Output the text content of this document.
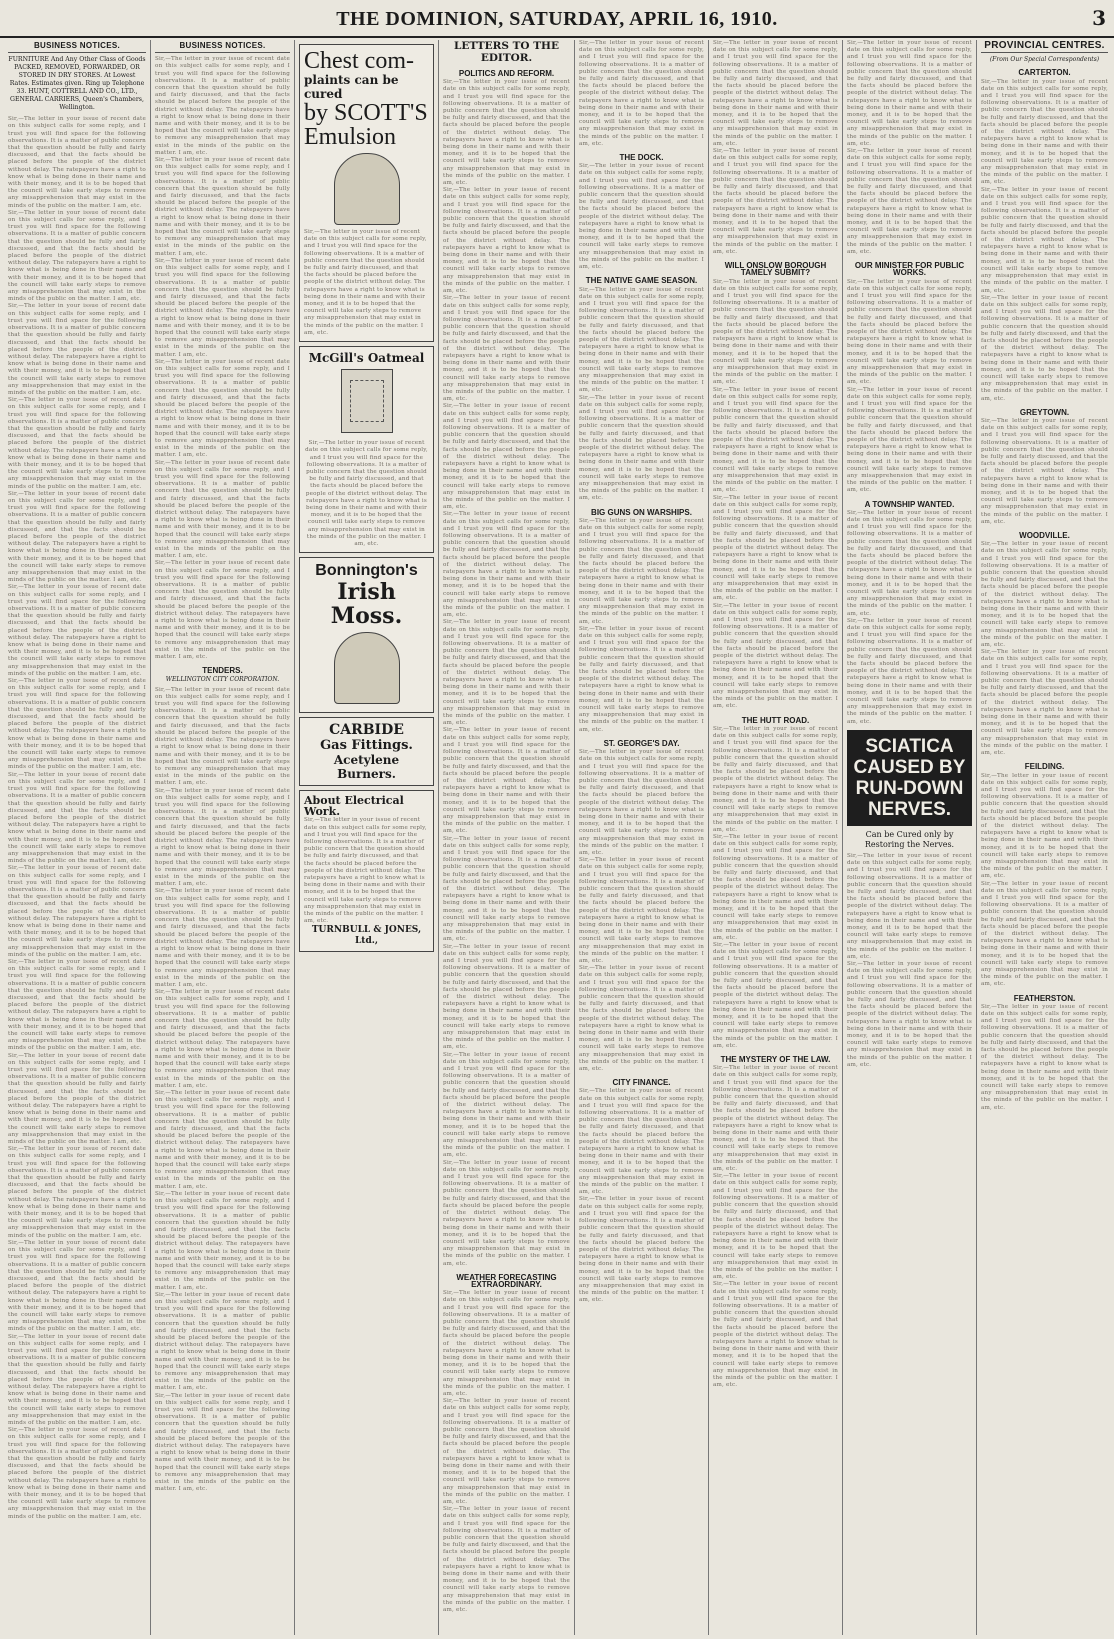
THE DOMINION, SATURDAY, APRIL 16, 1910.	3
BUSINESS NOTICES.
FURNITURE And Any Other Class of Goods PACKED, REMOVED, FORWARDED, OR STORED IN DRY STORES. At Lowest Rates. Estimates given. Ring up Telephone 33. HUNT, COTTRELL AND CO., LTD., GENERAL CARRIERS, Queen's Chambers, Wellington.
Sir,—The letter in your issue of recent date on this subject calls for some reply, and I trust you will find space for the following observations. It is a matter of public concern that the question should be fully and fairly discussed, and that the facts should be placed before the people of the district without delay. The ratepayers have a right to know what is being done in their name and with their money, and it is to be hoped that the council will take early steps to remove any misapprehension that may exist in the minds of the public on the matter. I am, etc.
Sir,—The letter in your issue of recent date on this subject calls for some reply, and I trust you will find space for the following observations. It is a matter of public concern that the question should be fully and fairly discussed, and that the facts should be placed before the people of the district without delay. The ratepayers have a right to know what is being done in their name and with their money, and it is to be hoped that the council will take early steps to remove any misapprehension that may exist in the minds of the public on the matter. I am, etc.
Sir,—The letter in your issue of recent date on this subject calls for some reply, and I trust you will find space for the following observations. It is a matter of public concern that the question should be fully and fairly discussed, and that the facts should be placed before the people of the district without delay. The ratepayers have a right to know what is being done in their name and with their money, and it is to be hoped that the council will take early steps to remove any misapprehension that may exist in the minds of the public on the matter. I am, etc.
Sir,—The letter in your issue of recent date on this subject calls for some reply, and I trust you will find space for the following observations. It is a matter of public concern that the question should be fully and fairly discussed, and that the facts should be placed before the people of the district without delay. The ratepayers have a right to know what is being done in their name and with their money, and it is to be hoped that the council will take early steps to remove any misapprehension that may exist in the minds of the public on the matter. I am, etc.
Sir,—The letter in your issue of recent date on this subject calls for some reply, and I trust you will find space for the following observations. It is a matter of public concern that the question should be fully and fairly discussed, and that the facts should be placed before the people of the district without delay. The ratepayers have a right to know what is being done in their name and with their money, and it is to be hoped that the council will take early steps to remove any misapprehension that may exist in the minds of the public on the matter. I am, etc.
Sir,—The letter in your issue of recent date on this subject calls for some reply, and I trust you will find space for the following observations. It is a matter of public concern that the question should be fully and fairly discussed, and that the facts should be placed before the people of the district without delay. The ratepayers have a right to know what is being done in their name and with their money, and it is to be hoped that the council will take early steps to remove any misapprehension that may exist in the minds of the public on the matter. I am, etc.
Sir,—The letter in your issue of recent date on this subject calls for some reply, and I trust you will find space for the following observations. It is a matter of public concern that the question should be fully and fairly discussed, and that the facts should be placed before the people of the district without delay. The ratepayers have a right to know what is being done in their name and with their money, and it is to be hoped that the council will take early steps to remove any misapprehension that may exist in the minds of the public on the matter. I am, etc.
Sir,—The letter in your issue of recent date on this subject calls for some reply, and I trust you will find space for the following observations. It is a matter of public concern that the question should be fully and fairly discussed, and that the facts should be placed before the people of the district without delay. The ratepayers have a right to know what is being done in their name and with their money, and it is to be hoped that the council will take early steps to remove any misapprehension that may exist in the minds of the public on the matter. I am, etc.
Sir,—The letter in your issue of recent date on this subject calls for some reply, and I trust you will find space for the following observations. It is a matter of public concern that the question should be fully and fairly discussed, and that the facts should be placed before the people of the district without delay. The ratepayers have a right to know what is being done in their name and with their money, and it is to be hoped that the council will take early steps to remove any misapprehension that may exist in the minds of the public on the matter. I am, etc.
Sir,—The letter in your issue of recent date on this subject calls for some reply, and I trust you will find space for the following observations. It is a matter of public concern that the question should be fully and fairly discussed, and that the facts should be placed before the people of the district without delay. The ratepayers have a right to know what is being done in their name and with their money, and it is to be hoped that the council will take early steps to remove any misapprehension that may exist in the minds of the public on the matter. I am, etc.
Sir,—The letter in your issue of recent date on this subject calls for some reply, and I trust you will find space for the following observations. It is a matter of public concern that the question should be fully and fairly discussed, and that the facts should be placed before the people of the district without delay. The ratepayers have a right to know what is being done in their name and with their money, and it is to be hoped that the council will take early steps to remove any misapprehension that may exist in the minds of the public on the matter. I am, etc.
Sir,—The letter in your issue of recent date on this subject calls for some reply, and I trust you will find space for the following observations. It is a matter of public concern that the question should be fully and fairly discussed, and that the facts should be placed before the people of the district without delay. The ratepayers have a right to know what is being done in their name and with their money, and it is to be hoped that the council will take early steps to remove any misapprehension that may exist in the minds of the public on the matter. I am, etc.
Sir,—The letter in your issue of recent date on this subject calls for some reply, and I trust you will find space for the following observations. It is a matter of public concern that the question should be fully and fairly discussed, and that the facts should be placed before the people of the district without delay. The ratepayers have a right to know what is being done in their name and with their money, and it is to be hoped that the council will take early steps to remove any misapprehension that may exist in the minds of the public on the matter. I am, etc.
Sir,—The letter in your issue of recent date on this subject calls for some reply, and I trust you will find space for the following observations. It is a matter of public concern that the question should be fully and fairly discussed, and that the facts should be placed before the people of the district without delay. The ratepayers have a right to know what is being done in their name and with their money, and it is to be hoped that the council will take early steps to remove any misapprehension that may exist in the minds of the public on the matter. I am, etc.
Sir,—The letter in your issue of recent date on this subject calls for some reply, and I trust you will find space for the following observations. It is a matter of public concern that the question should be fully and fairly discussed, and that the facts should be placed before the people of the district without delay. The ratepayers have a right to know what is being done in their name and with their money, and it is to be hoped that the council will take early steps to remove any misapprehension that may exist in the minds of the public on the matter. I am, etc.
BUSINESS NOTICES.
Sir,—The letter in your issue of recent date on this subject calls for some reply, and I trust you will find space for the following observations. It is a matter of public concern that the question should be fully and fairly discussed, and that the facts should be placed before the people of the district without delay. The ratepayers have a right to know what is being done in their name and with their money, and it is to be hoped that the council will take early steps to remove any misapprehension that may exist in the minds of the public on the matter. I am, etc.
Sir,—The letter in your issue of recent date on this subject calls for some reply, and I trust you will find space for the following observations. It is a matter of public concern that the question should be fully and fairly discussed, and that the facts should be placed before the people of the district without delay. The ratepayers have a right to know what is being done in their name and with their money, and it is to be hoped that the council will take early steps to remove any misapprehension that may exist in the minds of the public on the matter. I am, etc.
Sir,—The letter in your issue of recent date on this subject calls for some reply, and I trust you will find space for the following observations. It is a matter of public concern that the question should be fully and fairly discussed, and that the facts should be placed before the people of the district without delay. The ratepayers have a right to know what is being done in their name and with their money, and it is to be hoped that the council will take early steps to remove any misapprehension that may exist in the minds of the public on the matter. I am, etc.
Sir,—The letter in your issue of recent date on this subject calls for some reply, and I trust you will find space for the following observations. It is a matter of public concern that the question should be fully and fairly discussed, and that the facts should be placed before the people of the district without delay. The ratepayers have a right to know what is being done in their name and with their money, and it is to be hoped that the council will take early steps to remove any misapprehension that may exist in the minds of the public on the matter. I am, etc.
Sir,—The letter in your issue of recent date on this subject calls for some reply, and I trust you will find space for the following observations. It is a matter of public concern that the question should be fully and fairly discussed, and that the facts should be placed before the people of the district without delay. The ratepayers have a right to know what is being done in their name and with their money, and it is to be hoped that the council will take early steps to remove any misapprehension that may exist in the minds of the public on the matter. I am, etc.
Sir,—The letter in your issue of recent date on this subject calls for some reply, and I trust you will find space for the following observations. It is a matter of public concern that the question should be fully and fairly discussed, and that the facts should be placed before the people of the district without delay. The ratepayers have a right to know what is being done in their name and with their money, and it is to be hoped that the council will take early steps to remove any misapprehension that may exist in the minds of the public on the matter. I am, etc.
TENDERS.
WELLINGTON CITY CORPORATION.
Sir,—The letter in your issue of recent date on this subject calls for some reply, and I trust you will find space for the following observations. It is a matter of public concern that the question should be fully and fairly discussed, and that the facts should be placed before the people of the district without delay. The ratepayers have a right to know what is being done in their name and with their money, and it is to be hoped that the council will take early steps to remove any misapprehension that may exist in the minds of the public on the matter. I am, etc.
Sir,—The letter in your issue of recent date on this subject calls for some reply, and I trust you will find space for the following observations. It is a matter of public concern that the question should be fully and fairly discussed, and that the facts should be placed before the people of the district without delay. The ratepayers have a right to know what is being done in their name and with their money, and it is to be hoped that the council will take early steps to remove any misapprehension that may exist in the minds of the public on the matter. I am, etc.
Sir,—The letter in your issue of recent date on this subject calls for some reply, and I trust you will find space for the following observations. It is a matter of public concern that the question should be fully and fairly discussed, and that the facts should be placed before the people of the district without delay. The ratepayers have a right to know what is being done in their name and with their money, and it is to be hoped that the council will take early steps to remove any misapprehension that may exist in the minds of the public on the matter. I am, etc.
Sir,—The letter in your issue of recent date on this subject calls for some reply, and I trust you will find space for the following observations. It is a matter of public concern that the question should be fully and fairly discussed, and that the facts should be placed before the people of the district without delay. The ratepayers have a right to know what is being done in their name and with their money, and it is to be hoped that the council will take early steps to remove any misapprehension that may exist in the minds of the public on the matter. I am, etc.
Sir,—The letter in your issue of recent date on this subject calls for some reply, and I trust you will find space for the following observations. It is a matter of public concern that the question should be fully and fairly discussed, and that the facts should be placed before the people of the district without delay. The ratepayers have a right to know what is being done in their name and with their money, and it is to be hoped that the council will take early steps to remove any misapprehension that may exist in the minds of the public on the matter. I am, etc.
Sir,—The letter in your issue of recent date on this subject calls for some reply, and I trust you will find space for the following observations. It is a matter of public concern that the question should be fully and fairly discussed, and that the facts should be placed before the people of the district without delay. The ratepayers have a right to know what is being done in their name and with their money, and it is to be hoped that the council will take early steps to remove any misapprehension that may exist in the minds of the public on the matter. I am, etc.
Sir,—The letter in your issue of recent date on this subject calls for some reply, and I trust you will find space for the following observations. It is a matter of public concern that the question should be fully and fairly discussed, and that the facts should be placed before the people of the district without delay. The ratepayers have a right to know what is being done in their name and with their money, and it is to be hoped that the council will take early steps to remove any misapprehension that may exist in the minds of the public on the matter. I am, etc.
Sir,—The letter in your issue of recent date on this subject calls for some reply, and I trust you will find space for the following observations. It is a matter of public concern that the question should be fully and fairly discussed, and that the facts should be placed before the people of the district without delay. The ratepayers have a right to know what is being done in their name and with their money, and it is to be hoped that the council will take early steps to remove any misapprehension that may exist in the minds of the public on the matter. I am, etc.
Chest com-
plaints can be cured
by SCOTT'S
Emulsion
Sir,—The letter in your issue of recent date on this subject calls for some reply, and I trust you will find space for the following observations. It is a matter of public concern that the question should be fully and fairly discussed, and that the facts should be placed before the people of the district without delay. The ratepayers have a right to know what is being done in their name and with their money, and it is to be hoped that the council will take early steps to remove any misapprehension that may exist in the minds of the public on the matter. I am, etc.
McGill's Oatmeal
Sir,—The letter in your issue of recent date on this subject calls for some reply, and I trust you will find space for the following observations. It is a matter of public concern that the question should be fully and fairly discussed, and that the facts should be placed before the people of the district without delay. The ratepayers have a right to know what is being done in their name and with their money, and it is to be hoped that the council will take early steps to remove any misapprehension that may exist in the minds of the public on the matter. I am, etc.
Bonnington's
Irish Moss.
CARBIDE
Gas Fittings.
Acetylene Burners.
About Electrical Work.
Sir,—The letter in your issue of recent date on this subject calls for some reply, and I trust you will find space for the following observations. It is a matter of public concern that the question should be fully and fairly discussed, and that the facts should be placed before the people of the district without delay. The ratepayers have a right to know what is being done in their name and with their money, and it is to be hoped that the council will take early steps to remove any misapprehension that may exist in the minds of the public on the matter. I am, etc.
TURNBULL & JONES, Ltd.,
LETTERS TO THE EDITOR.
POLITICS AND REFORM.
Sir,—The letter in your issue of recent date on this subject calls for some reply, and I trust you will find space for the following observations. It is a matter of public concern that the question should be fully and fairly discussed, and that the facts should be placed before the people of the district without delay. The ratepayers have a right to know what is being done in their name and with their money, and it is to be hoped that the council will take early steps to remove any misapprehension that may exist in the minds of the public on the matter. I am, etc.
Sir,—The letter in your issue of recent date on this subject calls for some reply, and I trust you will find space for the following observations. It is a matter of public concern that the question should be fully and fairly discussed, and that the facts should be placed before the people of the district without delay. The ratepayers have a right to know what is being done in their name and with their money, and it is to be hoped that the council will take early steps to remove any misapprehension that may exist in the minds of the public on the matter. I am, etc.
Sir,—The letter in your issue of recent date on this subject calls for some reply, and I trust you will find space for the following observations. It is a matter of public concern that the question should be fully and fairly discussed, and that the facts should be placed before the people of the district without delay. The ratepayers have a right to know what is being done in their name and with their money, and it is to be hoped that the council will take early steps to remove any misapprehension that may exist in the minds of the public on the matter. I am, etc.
Sir,—The letter in your issue of recent date on this subject calls for some reply, and I trust you will find space for the following observations. It is a matter of public concern that the question should be fully and fairly discussed, and that the facts should be placed before the people of the district without delay. The ratepayers have a right to know what is being done in their name and with their money, and it is to be hoped that the council will take early steps to remove any misapprehension that may exist in the minds of the public on the matter. I am, etc.
Sir,—The letter in your issue of recent date on this subject calls for some reply, and I trust you will find space for the following observations. It is a matter of public concern that the question should be fully and fairly discussed, and that the facts should be placed before the people of the district without delay. The ratepayers have a right to know what is being done in their name and with their money, and it is to be hoped that the council will take early steps to remove any misapprehension that may exist in the minds of the public on the matter. I am, etc.
Sir,—The letter in your issue of recent date on this subject calls for some reply, and I trust you will find space for the following observations. It is a matter of public concern that the question should be fully and fairly discussed, and that the facts should be placed before the people of the district without delay. The ratepayers have a right to know what is being done in their name and with their money, and it is to be hoped that the council will take early steps to remove any misapprehension that may exist in the minds of the public on the matter. I am, etc.
Sir,—The letter in your issue of recent date on this subject calls for some reply, and I trust you will find space for the following observations. It is a matter of public concern that the question should be fully and fairly discussed, and that the facts should be placed before the people of the district without delay. The ratepayers have a right to know what is being done in their name and with their money, and it is to be hoped that the council will take early steps to remove any misapprehension that may exist in the minds of the public on the matter. I am, etc.
Sir,—The letter in your issue of recent date on this subject calls for some reply, and I trust you will find space for the following observations. It is a matter of public concern that the question should be fully and fairly discussed, and that the facts should be placed before the people of the district without delay. The ratepayers have a right to know what is being done in their name and with their money, and it is to be hoped that the council will take early steps to remove any misapprehension that may exist in the minds of the public on the matter. I am, etc.
Sir,—The letter in your issue of recent date on this subject calls for some reply, and I trust you will find space for the following observations. It is a matter of public concern that the question should be fully and fairly discussed, and that the facts should be placed before the people of the district without delay. The ratepayers have a right to know what is being done in their name and with their money, and it is to be hoped that the council will take early steps to remove any misapprehension that may exist in the minds of the public on the matter. I am, etc.
Sir,—The letter in your issue of recent date on this subject calls for some reply, and I trust you will find space for the following observations. It is a matter of public concern that the question should be fully and fairly discussed, and that the facts should be placed before the people of the district without delay. The ratepayers have a right to know what is being done in their name and with their money, and it is to be hoped that the council will take early steps to remove any misapprehension that may exist in the minds of the public on the matter. I am, etc.
Sir,—The letter in your issue of recent date on this subject calls for some reply, and I trust you will find space for the following observations. It is a matter of public concern that the question should be fully and fairly discussed, and that the facts should be placed before the people of the district without delay. The ratepayers have a right to know what is being done in their name and with their money, and it is to be hoped that the council will take early steps to remove any misapprehension that may exist in the minds of the public on the matter. I am, etc.
WEATHER FORECASTING EXTRAORDINARY.
Sir,—The letter in your issue of recent date on this subject calls for some reply, and I trust you will find space for the following observations. It is a matter of public concern that the question should be fully and fairly discussed, and that the facts should be placed before the people of the district without delay. The ratepayers have a right to know what is being done in their name and with their money, and it is to be hoped that the council will take early steps to remove any misapprehension that may exist in the minds of the public on the matter. I am, etc.
Sir,—The letter in your issue of recent date on this subject calls for some reply, and I trust you will find space for the following observations. It is a matter of public concern that the question should be fully and fairly discussed, and that the facts should be placed before the people of the district without delay. The ratepayers have a right to know what is being done in their name and with their money, and it is to be hoped that the council will take early steps to remove any misapprehension that may exist in the minds of the public on the matter. I am, etc.
Sir,—The letter in your issue of recent date on this subject calls for some reply, and I trust you will find space for the following observations. It is a matter of public concern that the question should be fully and fairly discussed, and that the facts should be placed before the people of the district without delay. The ratepayers have a right to know what is being done in their name and with their money, and it is to be hoped that the council will take early steps to remove any misapprehension that may exist in the minds of the public on the matter. I am, etc.
Sir,—The letter in your issue of recent date on this subject calls for some reply, and I trust you will find space for the following observations. It is a matter of public concern that the question should be fully and fairly discussed, and that the facts should be placed before the people of the district without delay. The ratepayers have a right to know what is being done in their name and with their money, and it is to be hoped that the council will take early steps to remove any misapprehension that may exist in the minds of the public on the matter. I am, etc.
THE DOCK.
Sir,—The letter in your issue of recent date on this subject calls for some reply, and I trust you will find space for the following observations. It is a matter of public concern that the question should be fully and fairly discussed, and that the facts should be placed before the people of the district without delay. The ratepayers have a right to know what is being done in their name and with their money, and it is to be hoped that the council will take early steps to remove any misapprehension that may exist in the minds of the public on the matter. I am, etc.
THE NATIVE GAME SEASON.
Sir,—The letter in your issue of recent date on this subject calls for some reply, and I trust you will find space for the following observations. It is a matter of public concern that the question should be fully and fairly discussed, and that the facts should be placed before the people of the district without delay. The ratepayers have a right to know what is being done in their name and with their money, and it is to be hoped that the council will take early steps to remove any misapprehension that may exist in the minds of the public on the matter. I am, etc.
Sir,—The letter in your issue of recent date on this subject calls for some reply, and I trust you will find space for the following observations. It is a matter of public concern that the question should be fully and fairly discussed, and that the facts should be placed before the people of the district without delay. The ratepayers have a right to know what is being done in their name and with their money, and it is to be hoped that the council will take early steps to remove any misapprehension that may exist in the minds of the public on the matter. I am, etc.
BIG GUNS ON WARSHIPS.
Sir,—The letter in your issue of recent date on this subject calls for some reply, and I trust you will find space for the following observations. It is a matter of public concern that the question should be fully and fairly discussed, and that the facts should be placed before the people of the district without delay. The ratepayers have a right to know what is being done in their name and with their money, and it is to be hoped that the council will take early steps to remove any misapprehension that may exist in the minds of the public on the matter. I am, etc.
Sir,—The letter in your issue of recent date on this subject calls for some reply, and I trust you will find space for the following observations. It is a matter of public concern that the question should be fully and fairly discussed, and that the facts should be placed before the people of the district without delay. The ratepayers have a right to know what is being done in their name and with their money, and it is to be hoped that the council will take early steps to remove any misapprehension that may exist in the minds of the public on the matter. I am, etc.
ST. GEORGE'S DAY.
Sir,—The letter in your issue of recent date on this subject calls for some reply, and I trust you will find space for the following observations. It is a matter of public concern that the question should be fully and fairly discussed, and that the facts should be placed before the people of the district without delay. The ratepayers have a right to know what is being done in their name and with their money, and it is to be hoped that the council will take early steps to remove any misapprehension that may exist in the minds of the public on the matter. I am, etc.
Sir,—The letter in your issue of recent date on this subject calls for some reply, and I trust you will find space for the following observations. It is a matter of public concern that the question should be fully and fairly discussed, and that the facts should be placed before the people of the district without delay. The ratepayers have a right to know what is being done in their name and with their money, and it is to be hoped that the council will take early steps to remove any misapprehension that may exist in the minds of the public on the matter. I am, etc.
Sir,—The letter in your issue of recent date on this subject calls for some reply, and I trust you will find space for the following observations. It is a matter of public concern that the question should be fully and fairly discussed, and that the facts should be placed before the people of the district without delay. The ratepayers have a right to know what is being done in their name and with their money, and it is to be hoped that the council will take early steps to remove any misapprehension that may exist in the minds of the public on the matter. I am, etc.
CITY FINANCE.
Sir,—The letter in your issue of recent date on this subject calls for some reply, and I trust you will find space for the following observations. It is a matter of public concern that the question should be fully and fairly discussed, and that the facts should be placed before the people of the district without delay. The ratepayers have a right to know what is being done in their name and with their money, and it is to be hoped that the council will take early steps to remove any misapprehension that may exist in the minds of the public on the matter. I am, etc.
Sir,—The letter in your issue of recent date on this subject calls for some reply, and I trust you will find space for the following observations. It is a matter of public concern that the question should be fully and fairly discussed, and that the facts should be placed before the people of the district without delay. The ratepayers have a right to know what is being done in their name and with their money, and it is to be hoped that the council will take early steps to remove any misapprehension that may exist in the minds of the public on the matter. I am, etc.
Sir,—The letter in your issue of recent date on this subject calls for some reply, and I trust you will find space for the following observations. It is a matter of public concern that the question should be fully and fairly discussed, and that the facts should be placed before the people of the district without delay. The ratepayers have a right to know what is being done in their name and with their money, and it is to be hoped that the council will take early steps to remove any misapprehension that may exist in the minds of the public on the matter. I am, etc.
Sir,—The letter in your issue of recent date on this subject calls for some reply, and I trust you will find space for the following observations. It is a matter of public concern that the question should be fully and fairly discussed, and that the facts should be placed before the people of the district without delay. The ratepayers have a right to know what is being done in their name and with their money, and it is to be hoped that the council will take early steps to remove any misapprehension that may exist in the minds of the public on the matter. I am, etc.
WILL ONSLOW BOROUGH TAMELY SUBMIT?
Sir,—The letter in your issue of recent date on this subject calls for some reply, and I trust you will find space for the following observations. It is a matter of public concern that the question should be fully and fairly discussed, and that the facts should be placed before the people of the district without delay. The ratepayers have a right to know what is being done in their name and with their money, and it is to be hoped that the council will take early steps to remove any misapprehension that may exist in the minds of the public on the matter. I am, etc.
Sir,—The letter in your issue of recent date on this subject calls for some reply, and I trust you will find space for the following observations. It is a matter of public concern that the question should be fully and fairly discussed, and that the facts should be placed before the people of the district without delay. The ratepayers have a right to know what is being done in their name and with their money, and it is to be hoped that the council will take early steps to remove any misapprehension that may exist in the minds of the public on the matter. I am, etc.
Sir,—The letter in your issue of recent date on this subject calls for some reply, and I trust you will find space for the following observations. It is a matter of public concern that the question should be fully and fairly discussed, and that the facts should be placed before the people of the district without delay. The ratepayers have a right to know what is being done in their name and with their money, and it is to be hoped that the council will take early steps to remove any misapprehension that may exist in the minds of the public on the matter. I am, etc.
Sir,—The letter in your issue of recent date on this subject calls for some reply, and I trust you will find space for the following observations. It is a matter of public concern that the question should be fully and fairly discussed, and that the facts should be placed before the people of the district without delay. The ratepayers have a right to know what is being done in their name and with their money, and it is to be hoped that the council will take early steps to remove any misapprehension that may exist in the minds of the public on the matter. I am, etc.
THE HUTT ROAD.
Sir,—The letter in your issue of recent date on this subject calls for some reply, and I trust you will find space for the following observations. It is a matter of public concern that the question should be fully and fairly discussed, and that the facts should be placed before the people of the district without delay. The ratepayers have a right to know what is being done in their name and with their money, and it is to be hoped that the council will take early steps to remove any misapprehension that may exist in the minds of the public on the matter. I am, etc.
Sir,—The letter in your issue of recent date on this subject calls for some reply, and I trust you will find space for the following observations. It is a matter of public concern that the question should be fully and fairly discussed, and that the facts should be placed before the people of the district without delay. The ratepayers have a right to know what is being done in their name and with their money, and it is to be hoped that the council will take early steps to remove any misapprehension that may exist in the minds of the public on the matter. I am, etc.
Sir,—The letter in your issue of recent date on this subject calls for some reply, and I trust you will find space for the following observations. It is a matter of public concern that the question should be fully and fairly discussed, and that the facts should be placed before the people of the district without delay. The ratepayers have a right to know what is being done in their name and with their money, and it is to be hoped that the council will take early steps to remove any misapprehension that may exist in the minds of the public on the matter. I am, etc.
THE MYSTERY OF THE LAW.
Sir,—The letter in your issue of recent date on this subject calls for some reply, and I trust you will find space for the following observations. It is a matter of public concern that the question should be fully and fairly discussed, and that the facts should be placed before the people of the district without delay. The ratepayers have a right to know what is being done in their name and with their money, and it is to be hoped that the council will take early steps to remove any misapprehension that may exist in the minds of the public on the matter. I am, etc.
Sir,—The letter in your issue of recent date on this subject calls for some reply, and I trust you will find space for the following observations. It is a matter of public concern that the question should be fully and fairly discussed, and that the facts should be placed before the people of the district without delay. The ratepayers have a right to know what is being done in their name and with their money, and it is to be hoped that the council will take early steps to remove any misapprehension that may exist in the minds of the public on the matter. I am, etc.
Sir,—The letter in your issue of recent date on this subject calls for some reply, and I trust you will find space for the following observations. It is a matter of public concern that the question should be fully and fairly discussed, and that the facts should be placed before the people of the district without delay. The ratepayers have a right to know what is being done in their name and with their money, and it is to be hoped that the council will take early steps to remove any misapprehension that may exist in the minds of the public on the matter. I am, etc.
Sir,—The letter in your issue of recent date on this subject calls for some reply, and I trust you will find space for the following observations. It is a matter of public concern that the question should be fully and fairly discussed, and that the facts should be placed before the people of the district without delay. The ratepayers have a right to know what is being done in their name and with their money, and it is to be hoped that the council will take early steps to remove any misapprehension that may exist in the minds of the public on the matter. I am, etc.
Sir,—The letter in your issue of recent date on this subject calls for some reply, and I trust you will find space for the following observations. It is a matter of public concern that the question should be fully and fairly discussed, and that the facts should be placed before the people of the district without delay. The ratepayers have a right to know what is being done in their name and with their money, and it is to be hoped that the council will take early steps to remove any misapprehension that may exist in the minds of the public on the matter. I am, etc.
OUR MINISTER FOR PUBLIC WORKS.
Sir,—The letter in your issue of recent date on this subject calls for some reply, and I trust you will find space for the following observations. It is a matter of public concern that the question should be fully and fairly discussed, and that the facts should be placed before the people of the district without delay. The ratepayers have a right to know what is being done in their name and with their money, and it is to be hoped that the council will take early steps to remove any misapprehension that may exist in the minds of the public on the matter. I am, etc.
Sir,—The letter in your issue of recent date on this subject calls for some reply, and I trust you will find space for the following observations. It is a matter of public concern that the question should be fully and fairly discussed, and that the facts should be placed before the people of the district without delay. The ratepayers have a right to know what is being done in their name and with their money, and it is to be hoped that the council will take early steps to remove any misapprehension that may exist in the minds of the public on the matter. I am, etc.
A TOWNSHIP WANTED.
Sir,—The letter in your issue of recent date on this subject calls for some reply, and I trust you will find space for the following observations. It is a matter of public concern that the question should be fully and fairly discussed, and that the facts should be placed before the people of the district without delay. The ratepayers have a right to know what is being done in their name and with their money, and it is to be hoped that the council will take early steps to remove any misapprehension that may exist in the minds of the public on the matter. I am, etc.
Sir,—The letter in your issue of recent date on this subject calls for some reply, and I trust you will find space for the following observations. It is a matter of public concern that the question should be fully and fairly discussed, and that the facts should be placed before the people of the district without delay. The ratepayers have a right to know what is being done in their name and with their money, and it is to be hoped that the council will take early steps to remove any misapprehension that may exist in the minds of the public on the matter. I am, etc.
SCIATICA CAUSED BY
RUN-DOWN NERVES.
Can be Cured only by Restoring the Nerves.
Sir,—The letter in your issue of recent date on this subject calls for some reply, and I trust you will find space for the following observations. It is a matter of public concern that the question should be fully and fairly discussed, and that the facts should be placed before the people of the district without delay. The ratepayers have a right to know what is being done in their name and with their money, and it is to be hoped that the council will take early steps to remove any misapprehension that may exist in the minds of the public on the matter. I am, etc.
Sir,—The letter in your issue of recent date on this subject calls for some reply, and I trust you will find space for the following observations. It is a matter of public concern that the question should be fully and fairly discussed, and that the facts should be placed before the people of the district without delay. The ratepayers have a right to know what is being done in their name and with their money, and it is to be hoped that the council will take early steps to remove any misapprehension that may exist in the minds of the public on the matter. I am, etc.
PROVINCIAL CENTRES.
(From Our Special Correspondents)
CARTERTON.
Sir,—The letter in your issue of recent date on this subject calls for some reply, and I trust you will find space for the following observations. It is a matter of public concern that the question should be fully and fairly discussed, and that the facts should be placed before the people of the district without delay. The ratepayers have a right to know what is being done in their name and with their money, and it is to be hoped that the council will take early steps to remove any misapprehension that may exist in the minds of the public on the matter. I am, etc.
Sir,—The letter in your issue of recent date on this subject calls for some reply, and I trust you will find space for the following observations. It is a matter of public concern that the question should be fully and fairly discussed, and that the facts should be placed before the people of the district without delay. The ratepayers have a right to know what is being done in their name and with their money, and it is to be hoped that the council will take early steps to remove any misapprehension that may exist in the minds of the public on the matter. I am, etc.
Sir,—The letter in your issue of recent date on this subject calls for some reply, and I trust you will find space for the following observations. It is a matter of public concern that the question should be fully and fairly discussed, and that the facts should be placed before the people of the district without delay. The ratepayers have a right to know what is being done in their name and with their money, and it is to be hoped that the council will take early steps to remove any misapprehension that may exist in the minds of the public on the matter. I am, etc.
GREYTOWN.
Sir,—The letter in your issue of recent date on this subject calls for some reply, and I trust you will find space for the following observations. It is a matter of public concern that the question should be fully and fairly discussed, and that the facts should be placed before the people of the district without delay. The ratepayers have a right to know what is being done in their name and with their money, and it is to be hoped that the council will take early steps to remove any misapprehension that may exist in the minds of the public on the matter. I am, etc.
WOODVILLE.
Sir,—The letter in your issue of recent date on this subject calls for some reply, and I trust you will find space for the following observations. It is a matter of public concern that the question should be fully and fairly discussed, and that the facts should be placed before the people of the district without delay. The ratepayers have a right to know what is being done in their name and with their money, and it is to be hoped that the council will take early steps to remove any misapprehension that may exist in the minds of the public on the matter. I am, etc.
Sir,—The letter in your issue of recent date on this subject calls for some reply, and I trust you will find space for the following observations. It is a matter of public concern that the question should be fully and fairly discussed, and that the facts should be placed before the people of the district without delay. The ratepayers have a right to know what is being done in their name and with their money, and it is to be hoped that the council will take early steps to remove any misapprehension that may exist in the minds of the public on the matter. I am, etc.
FEILDING.
Sir,—The letter in your issue of recent date on this subject calls for some reply, and I trust you will find space for the following observations. It is a matter of public concern that the question should be fully and fairly discussed, and that the facts should be placed before the people of the district without delay. The ratepayers have a right to know what is being done in their name and with their money, and it is to be hoped that the council will take early steps to remove any misapprehension that may exist in the minds of the public on the matter. I am, etc.
Sir,—The letter in your issue of recent date on this subject calls for some reply, and I trust you will find space for the following observations. It is a matter of public concern that the question should be fully and fairly discussed, and that the facts should be placed before the people of the district without delay. The ratepayers have a right to know what is being done in their name and with their money, and it is to be hoped that the council will take early steps to remove any misapprehension that may exist in the minds of the public on the matter. I am, etc.
FEATHERSTON.
Sir,—The letter in your issue of recent date on this subject calls for some reply, and I trust you will find space for the following observations. It is a matter of public concern that the question should be fully and fairly discussed, and that the facts should be placed before the people of the district without delay. The ratepayers have a right to know what is being done in their name and with their money, and it is to be hoped that the council will take early steps to remove any misapprehension that may exist in the minds of the public on the matter. I am, etc.
